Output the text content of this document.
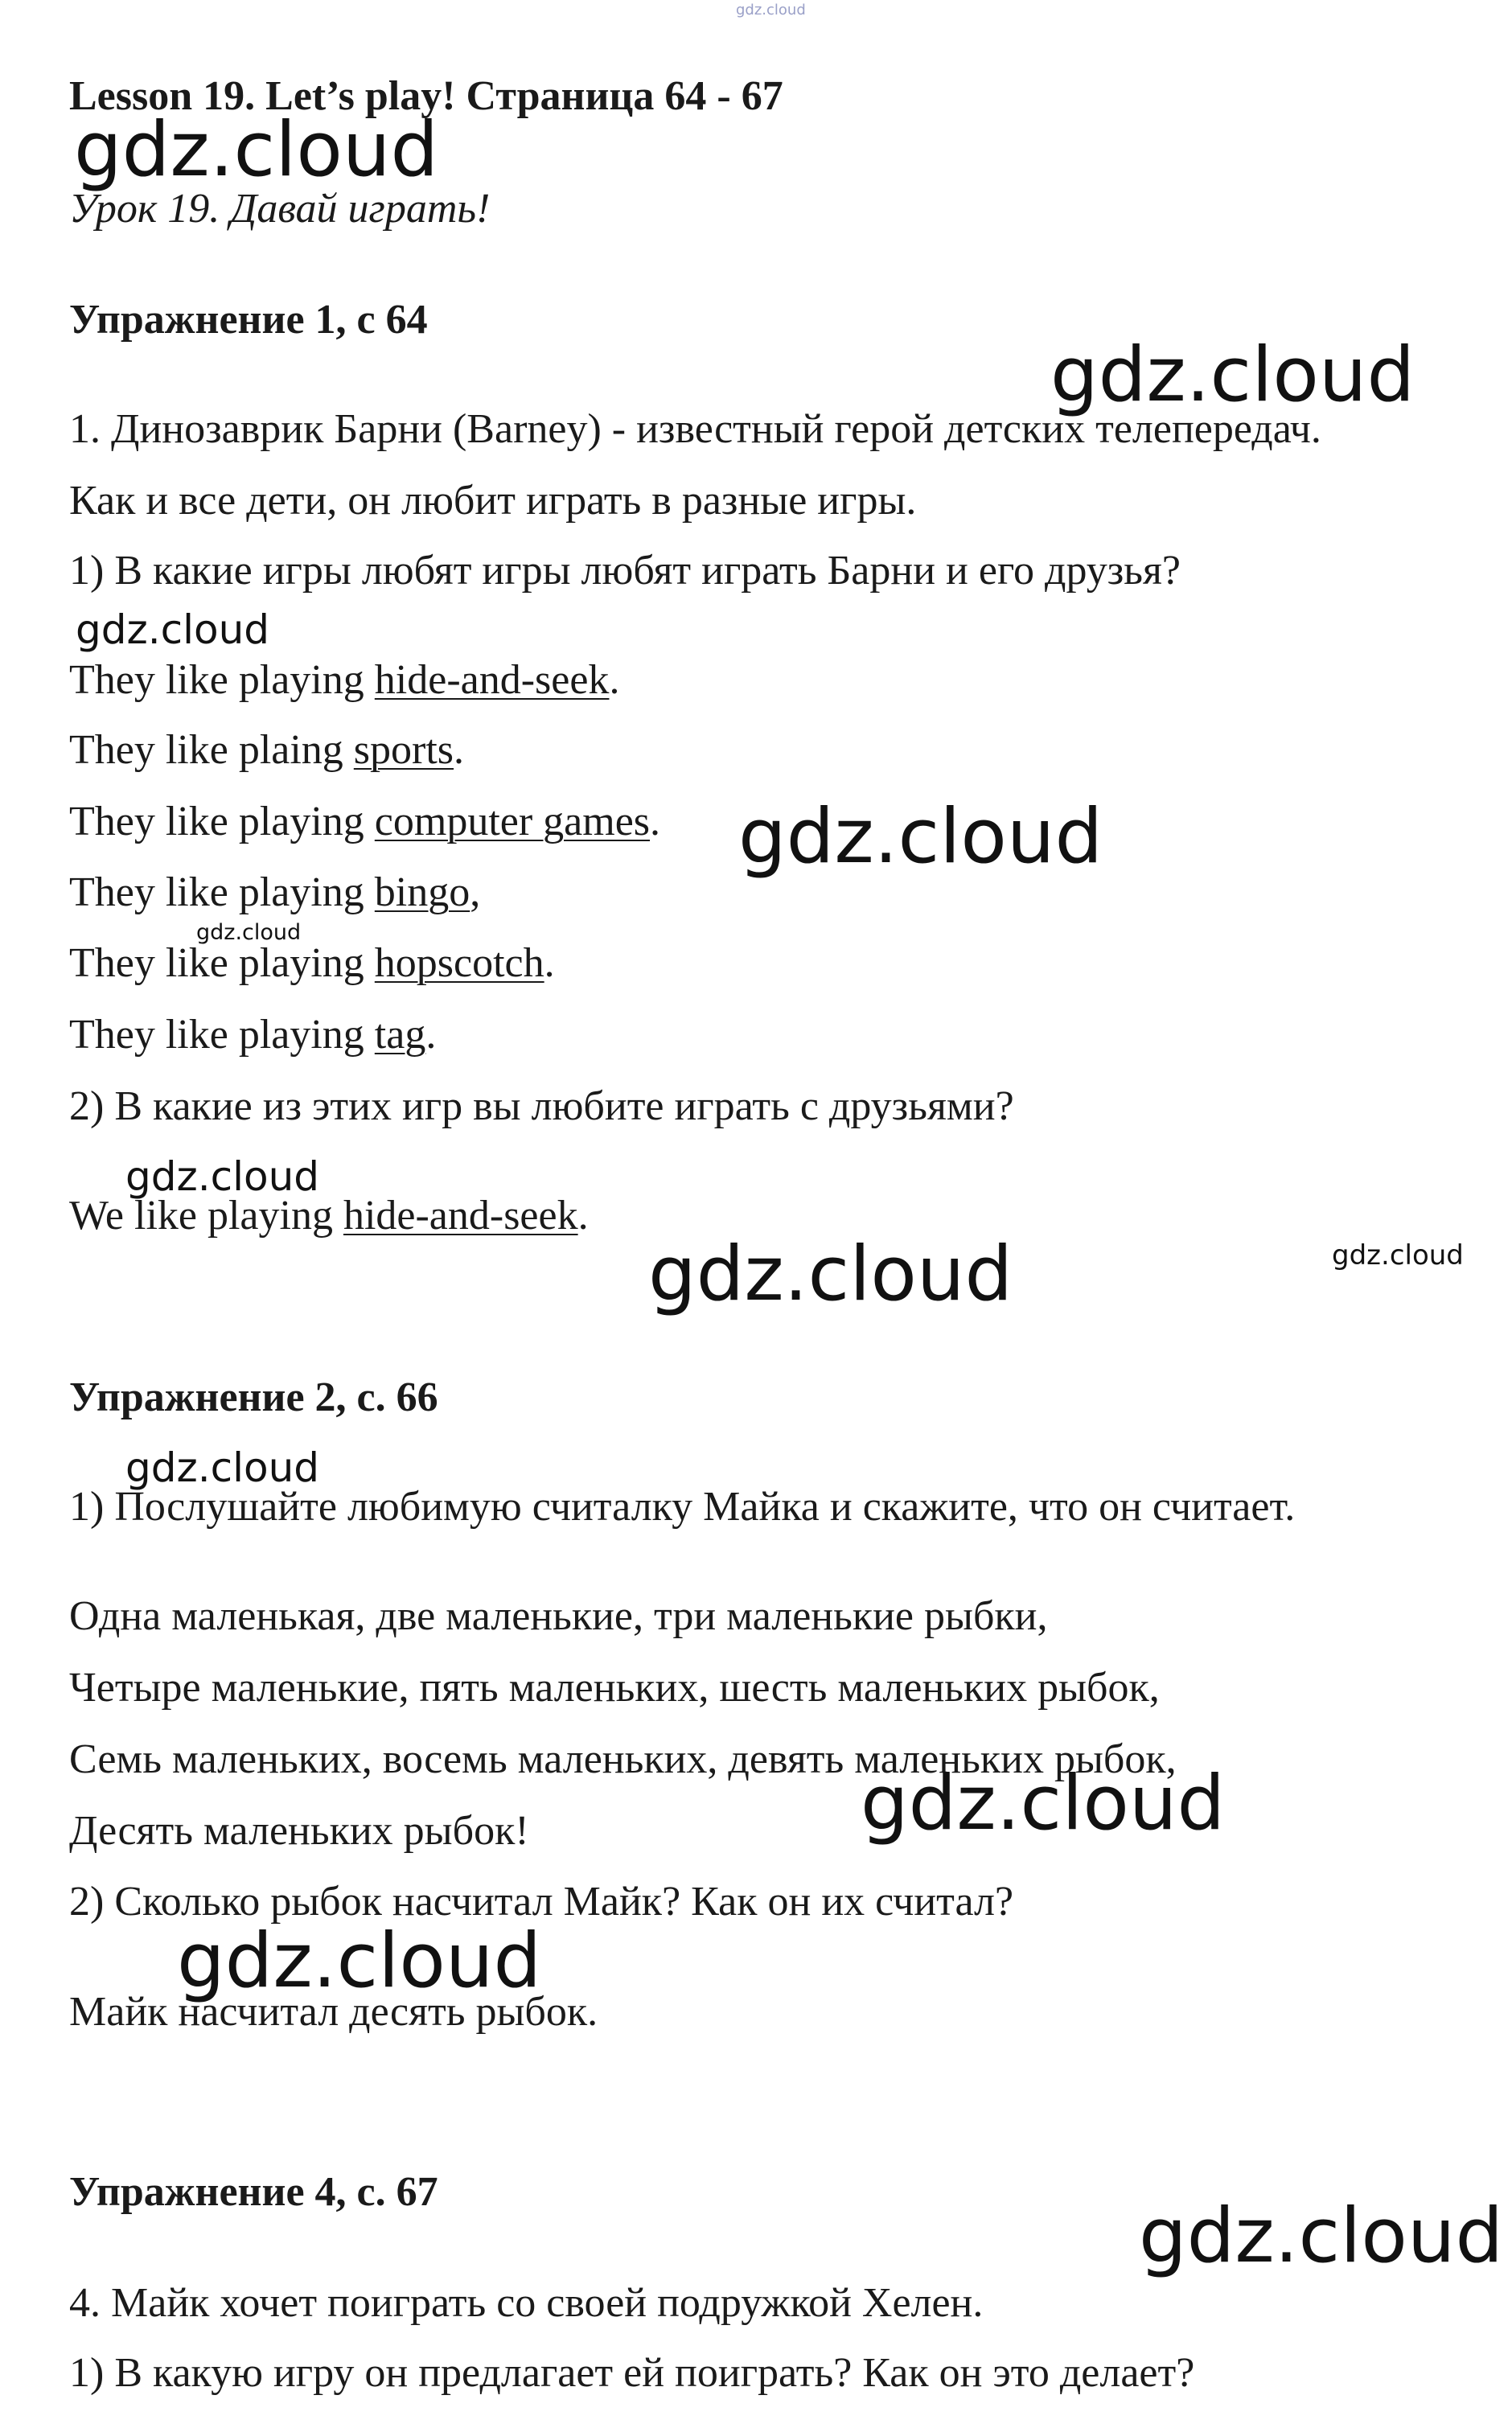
gdz.cloud
Lesson 19. Let’s play! Страница 64 - 67
Урок 19. Давай играть!
Упражнение 1, с 64
1. Динозаврик Барни (Barney) - известный герой детских телепередач.
Как и все дети, он любит играть в разные игры.
1) В какие игры любят игры любят играть Барни и его друзья?
They like playing hide-and-seek.
They like plaing sports.
They like playing computer games.
They like playing bingo,
They like playing hopscotch.
They like playing tag.
2) В какие из этих игр вы любите играть с друзьями?
We like playing hide-and-seek.
Упражнение 2, с. 66
1) Послушайте любимую считалку Майка и скажите, что он считает.
Одна маленькая, две маленькие, три маленькие рыбки,
Четыре маленькие, пять маленьких, шесть маленьких рыбок,
Семь маленьких, восемь маленьких, девять маленьких рыбок,
Десять маленьких рыбок!
2) Сколько рыбок насчитал Майк? Как он их считал?
Майк насчитал десять рыбок.
Упражнение 4, с. 67
4. Майк хочет поиграть со своей подружкой Хелен.
1) В какую игру он предлагает ей поиграть? Как он это делает?
gdz.cloud
gdz.cloud
gdz.cloud
gdz.cloud
gdz.cloud
gdz.cloud
gdz.cloud	gdz.cloud
gdz.cloud
gdz.cloud
gdz.cloud
gdz.cloud
